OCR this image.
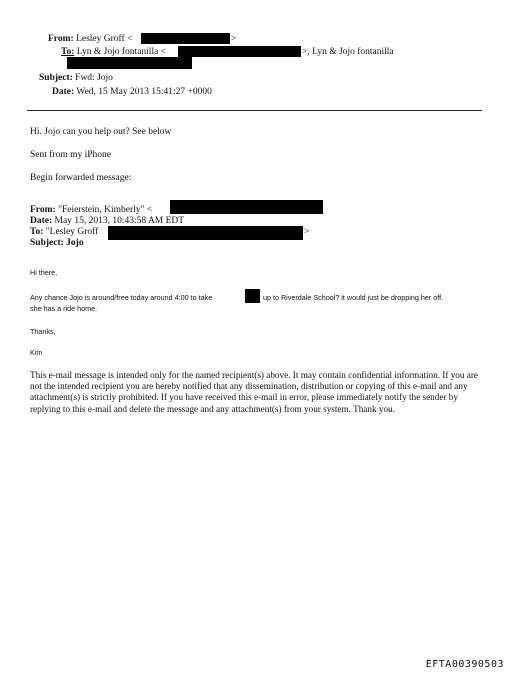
From: Lesley Groff <	>
To: Lyn & Jojo fontanilla <	>, Lyn & Jojo fontanilla
Subject: Fwd: Jojo
Date: Wed, 15 May 2013 15:41:27 +0000
Hi. Jojo can you help out? See below
Sent from my iPhone
Begin forwarded message:
From: "Feierstein, Kimberly" <
Date: May 15, 2013, 10:43:58 AM EDT
To: "Lesley Groff	>
Subject: Jojo
Hi there,
Any chance Jojo is around/free today around 4:00 to take	up to Riverdale School? it would just be dropping her off.
she has a ride home.
Thanks,
Kim
This e-mail message is intended only for the named recipient(s) above. It may contain confidential information. If you are not the intended recipient you are hereby notified that any dissemination, distribution or copying of this e-mail and any attachment(s) is strictly prohibited. If you have received this e-mail in error, please immediately notify the sender by replying to this e-mail and delete the message and any attachment(s) from your system. Thank you.
EFTA00390503
